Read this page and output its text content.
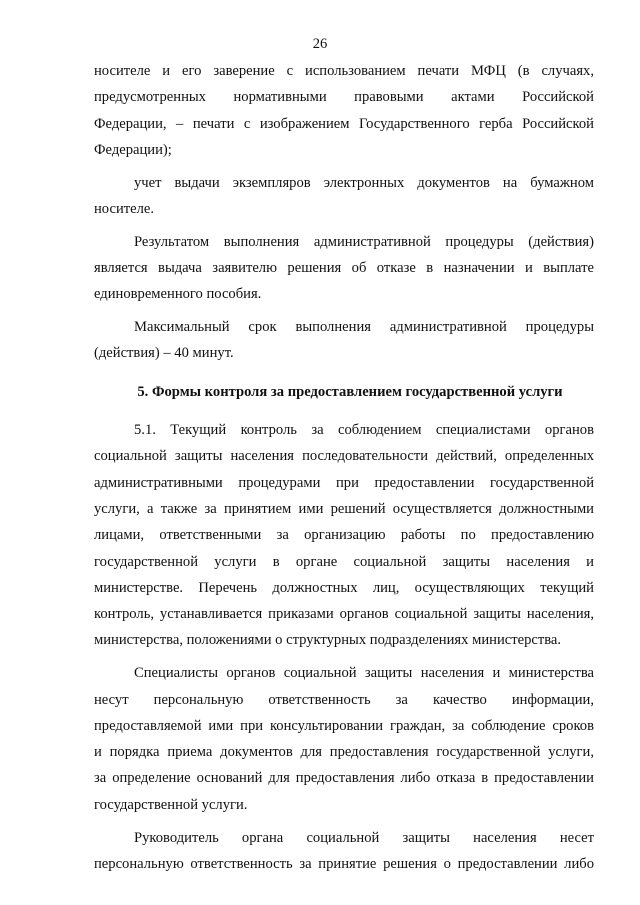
26
носителе и его заверение с использованием печати МФЦ (в случаях,
предусмотренных нормативными правовыми актами Российской
Федерации, – печати с изображением Государственного герба Российской
Федерации);
учет выдачи экземпляров электронных документов на бумажном
носителе.
Результатом выполнения административной процедуры (действия)
является выдача заявителю решения об отказе в назначении и выплате
единовременного пособия.
Максимальный срок выполнения административной процедуры
(действия) – 40 минут.
5. Формы контроля за предоставлением государственной услуги
5.1. Текущий контроль за соблюдением специалистами органов
социальной защиты населения последовательности действий, определенных
административными процедурами при предоставлении государственной
услуги, а также за принятием ими решений осуществляется должностными
лицами, ответственными за организацию работы по предоставлению
государственной услуги в органе социальной защиты населения и
министерстве. Перечень должностных лиц, осуществляющих текущий
контроль, устанавливается приказами органов социальной защиты населения,
министерства, положениями о структурных подразделениях министерства.
Специалисты органов социальной защиты населения и министерства
несут персональную ответственность за качество информации,
предоставляемой ими при консультировании граждан, за соблюдение сроков
и порядка приема документов для предоставления государственной услуги,
за определение оснований для предоставления либо отказа в предоставлении
государственной услуги.
Руководитель органа социальной защиты населения несет
персональную ответственность за принятие решения о предоставлении либо
